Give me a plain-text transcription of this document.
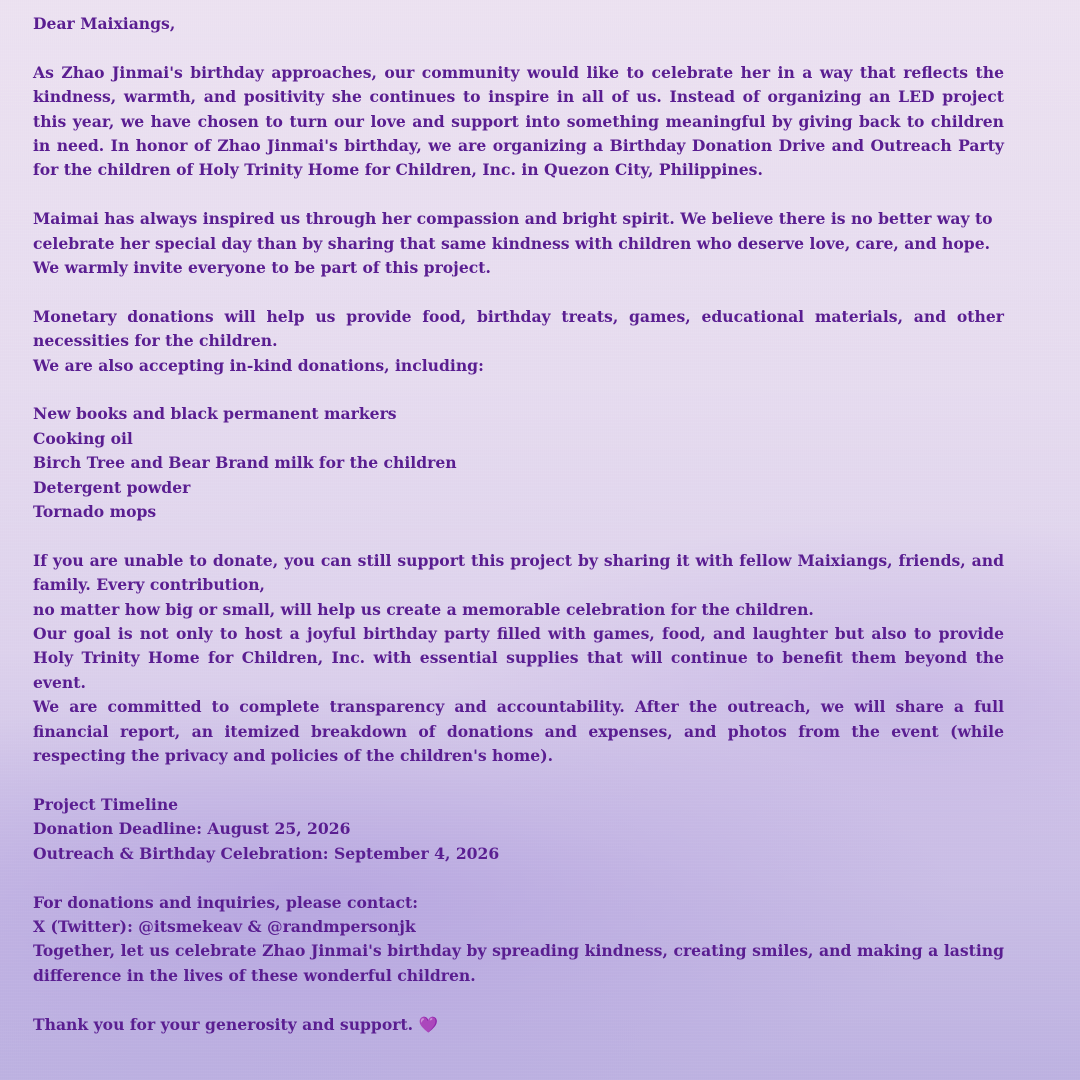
Dear Maixiangs,

As Zhao Jinmai's birthday approaches, our community would like to celebrate her in a way that reflects the kindness, warmth, and positivity she continues to inspire in all of us. Instead of organizing an LED project this year, we have chosen to turn our love and support into something meaningful by giving back to children in need. In honor of Zhao Jinmai's birthday, we are organizing a Birthday Donation Drive and Outreach Party for the children of Holy Trinity Home for Children, Inc. in Quezon City, Philippines.

Maimai has always inspired us through her compassion and bright spirit. We believe there is no better way to celebrate her special day than by sharing that same kindness with children who deserve love, care, and hope.

We warmly invite everyone to be part of this project.

Monetary donations will help us provide food, birthday treats, games, educational materials, and other necessities for the children.

We are also accepting in-kind donations, including:

New books and black permanent markers

Cooking oil

Birch Tree and Bear Brand milk for the children

Detergent powder

Tornado mops

If you are unable to donate, you can still support this project by sharing it with fellow Maixiangs, friends, and family. Every contribution,

no matter how big or small, will help us create a memorable celebration for the children.

Our goal is not only to host a joyful birthday party filled with games, food, and laughter but also to provide Holy Trinity Home for Children, Inc. with essential supplies that will continue to benefit them beyond the event.

We are committed to complete transparency and accountability. After the outreach, we will share a full financial report, an itemized breakdown of donations and expenses, and photos from the event (while respecting the privacy and policies of the children's home).

Project Timeline

Donation Deadline: August 25, 2026

Outreach & Birthday Celebration: September 4, 2026

For donations and inquiries, please contact:

X (Twitter): @itsmekeav & @randmpersonjk

Together, let us celebrate Zhao Jinmai's birthday by spreading kindness, creating smiles, and making a lasting difference in the lives of these wonderful children.

Thank you for your generosity and support. 💜
